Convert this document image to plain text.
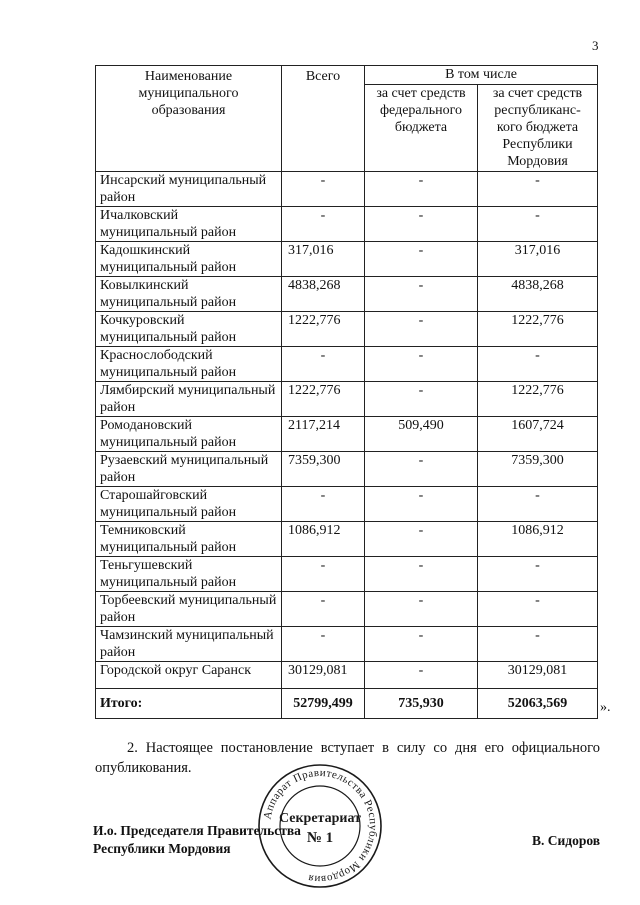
3
Наименование муниципального образования	Всего	В том числе	
		за счет средств федерального бюджета	за счет средств республиканс-кого бюджета Республики Мордовия
Инсарский муниципальный район	-	-	-
Ичалковский муниципальный район	-	-	-
Кадошкинский муниципальный район	317,016	-	317,016
Ковылкинский муниципальный район	4838,268	-	4838,268
Кочкуровский муниципальный район	1222,776	-	1222,776
Краснослободский муниципальный район	-	-	-
Лямбирский муниципальный район	1222,776	-	1222,776
Ромодановский муниципальный район	2117,214	509,490	1607,724
Рузаевский муниципальный район	7359,300	-	7359,300
Старошайговский муниципальный район	-	-	-
Темниковский муниципальный район	1086,912	-	1086,912
Теньгушевский муниципальный район	-	-	-
Торбеевский муниципальный район	-	-	-
Чамзинский муниципальный район	-	-	-
Городской округ Саранск	30129,081	-	30129,081
Итого:	52799,499	735,930	52063,569 ».
2. Настоящее постановление вступает в силу со дня его официального опубликования.
И.о. Председателя Правительства
Республики Мордовия
Аппарат Правительства Республики Мордовия
Секретариат
№ 1	В. Сидоров
